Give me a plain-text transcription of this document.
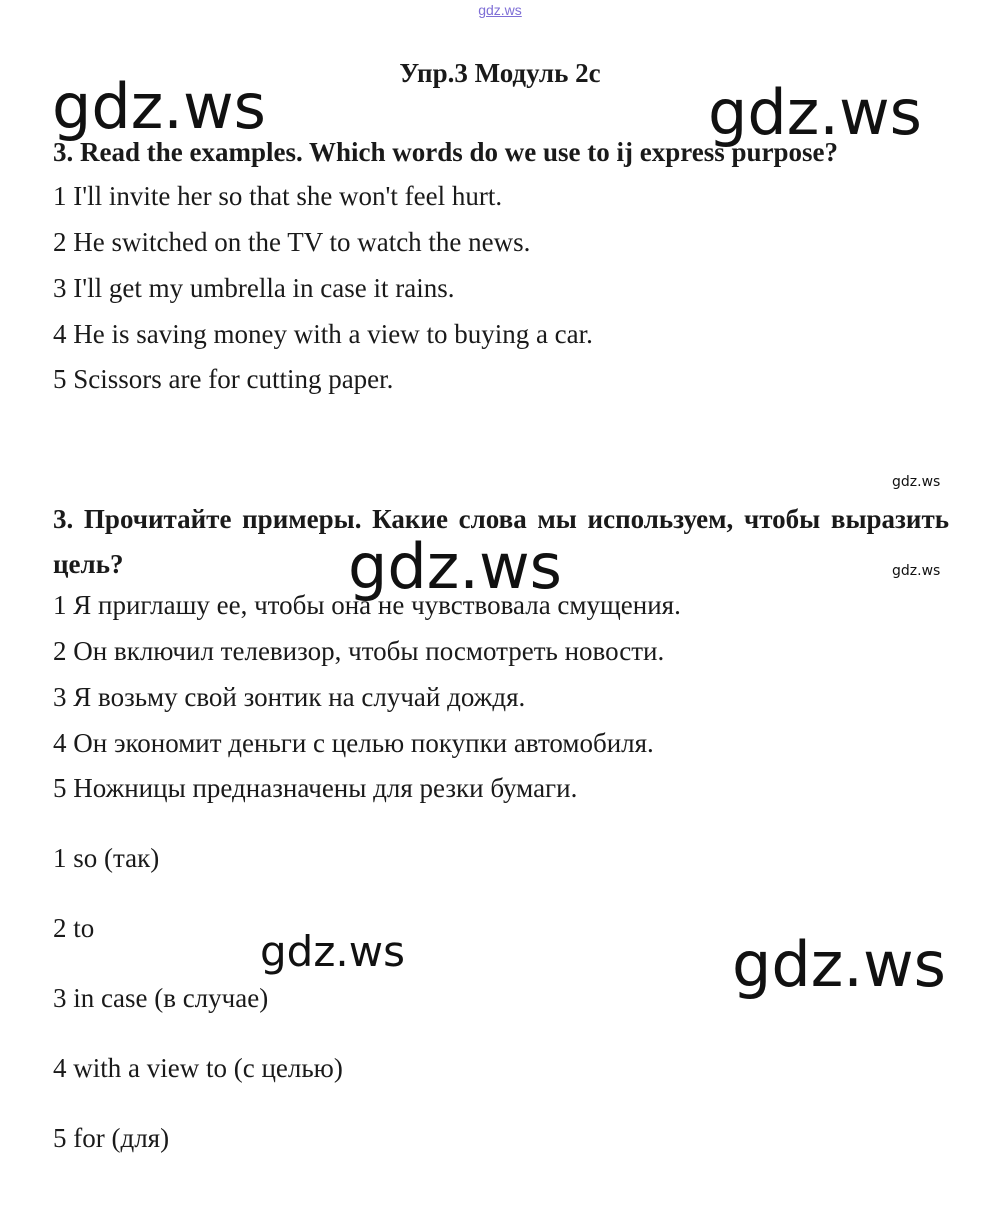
gdz.ws
Упр.3 Модуль 2c
gdz.ws	gdz.ws
3. Read the examples. Which words do we use to ij express purpose?
1 I'll invite her so that she won't feel hurt.
2 He switched on the TV to watch the news.
3 I'll get my umbrella in case it rains.
4 He is saving money with a view to buying a car.
5 Scissors are for cutting paper.
gdz.ws
3. Прочитайте примеры. Какие слова мы используем, чтобы выразить цель?	gdz.ws	gdz.ws
1 Я приглашу ее, чтобы она не чувствовала смущения.
2 Он включил телевизор, чтобы посмотреть новости.
3 Я возьму свой зонтик на случай дождя.
4 Он экономит деньги с целью покупки автомобиля.
5 Ножницы предназначены для резки бумаги.
1 so (так)
2 to
3 in case (в случае)
4 with a view to (с целью)
5 for (для)
gdz.ws	gdz.ws
